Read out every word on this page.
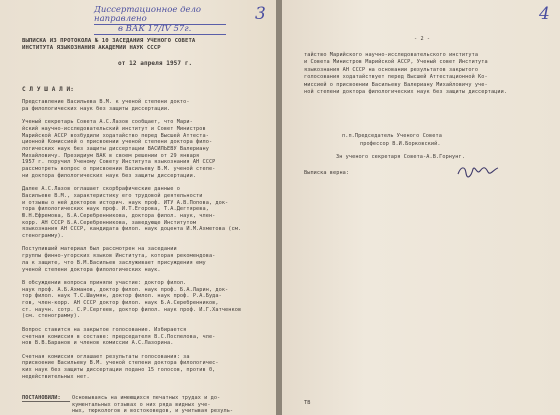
Диссертационное дело направлено
в ВАК 17/IV 57г.
3
ВЫПИСКА ИЗ ПРОТОКОЛА № 10 ЗАСЕДАНИЯ УЧЕНОГО СОВЕТА
ИНСТИТУТА ЯЗЫКОЗНАНИЯ АКАДЕМИИ НАУК СССР
от 12 апреля 1957 г.
С Л У Ш А Л И:
Представление Васильева В.М. к ученой степени докто-
ра филологических наук без защиты диссертации.
Ученый секретарь Совета А.С.Лазов сообщает, что Мари-
йский научно-исследовательский институт и Совет Министров
Марийской АССР возбудили ходатайство перед Высшей Аттеста-
ционной Комиссией о присвоении ученой степени доктора фило-
логических наук без защиты диссертации ВАСИЛЬЕВУ Валериану
Михайловичу. Президиум ВАК в своем решении от 29 января
1957 г. поручил Ученому Совету Института языкознания АН СССР
рассмотреть вопрос о присвоении Васильеву В.М. ученой степе-
ни доктора филологических наук без защиты диссертации.
Далее А.С.Лазов оглашает скорбрафические данные о
Васильеве В.М., характеристику его трудовой деятельности
и отзывы о ней докторов историч. наук проф. ИТУ А.В.Попова, док-
тора филологических наук проф. И.Т.Егорова, Т.А.Дегтярева,
Ю.Н.Ефремова, Б.А.Серебренникова, доктора филол. наук, член-
корр. АН СССР Б.А.Серебренникова, заведующе Институтом
языкознания АН СССР, кандидата филол. наук доцента И.М.Ахметова (см.
стенограмму).
Поступивший материал был рассмотрен на заседании
группы финно-угорских языков Института, которая рекомендова-
ла к защите, что В.М.Васильев заслуживает присуждения ему
ученой степени доктора филологических наук.
В обсуждении вопроса приняли участие: доктор филол.
наук проф. А.Б.Ахманов, доктор филол. наук проф. Б.А.Ларин, док-
тор филол. наук Т.С.Шаумян, доктор филол. наук проф. Р.А.Буда-
гов, член-корр. АН СССР доктор филол. наук Б.А.Серебренников,
ст. научн. сотр. С.Р.Сергеев, доктор филол. наук проф. И.Г.Хатченков
(см. стенограмму).
Вопрос ставится на закрытое голосование. Избирается
счетная комиссия в составе: председателя В.С.Поспелова, чле-
нов В.В.Баранов и членов комиссии А.С.Лазорина.
Счетная комиссия оглашает результаты голосования: за
присвоение Васильеву В.М. ученой степени доктора филологичес-
ких наук без защиты диссертации подано 15 голосов, против 0,
недействительных нет.
ПОСТАНОВИЛИ: Основываясь на имеющихся печатных трудах и до-
кументальных отзывах о них ряда видных уче-
ных, тюркологов и востоковедов, и учитывая резуль-
4
- 2 -
тайство Марийского научно-исследовательского института
и Совета Министров Марийской АССР, Ученый совет Института
языкознания АН СССР на основании результатов закрытого
голосования ходатайствует перед Высшей Аттестационной Ко-
миссией о присвоении Васильеву Валериану Михайловичу уче-
ной степени доктора филологических наук без защиты диссертации.
п.п.Председатель Ученого Совета
профессор В.И.Борковский.
Зн ученого секретаря Совета-А.В.Горнунг.
Выписка верна:
ТВ
